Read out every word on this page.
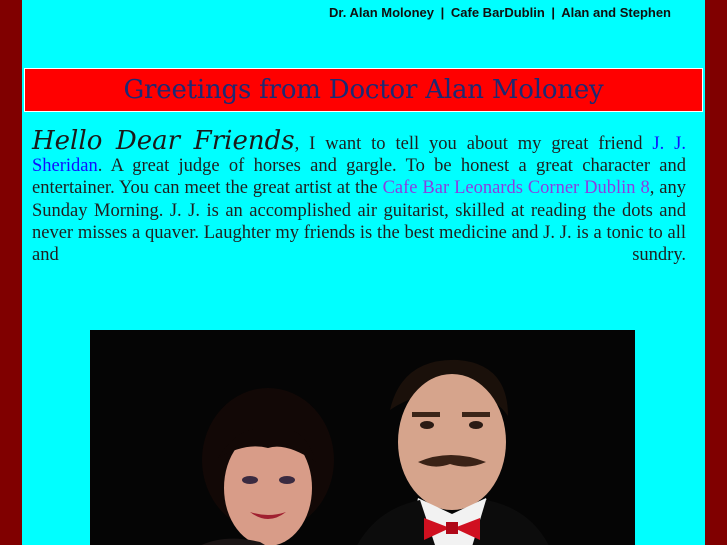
Dr. Alan Moloney | Cafe BarDublin | Alan and Stephen
Greetings from Doctor Alan Moloney
Hello Dear Friends, I want to tell you about my great friend J. J. Sheridan. A great judge of horses and gargle. To be honest a great character and entertainer. You can meet the great artist at the Cafe Bar Leonards Corner Dublin 8, any Sunday Morning. J. J. is an accomplished air guitarist, skilled at reading the dots and never misses a quaver. Laughter my friends is the best medicine and J. J. is a tonic to all and sundry.
